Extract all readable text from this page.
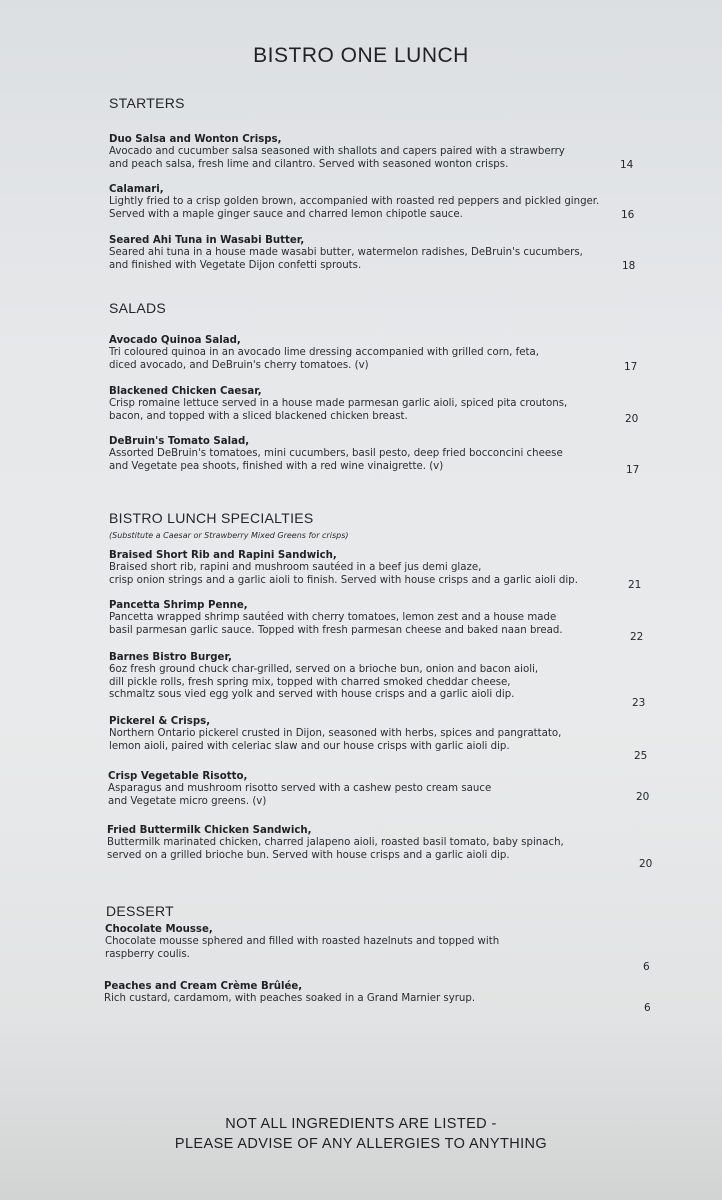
BISTRO ONE LUNCH
STARTERS
Duo Salsa and Wonton Crisps,
Avocado and cucumber salsa seasoned with shallots and capers paired with a strawberry
and peach salsa, fresh lime and cilantro. Served with seasoned wonton crisps.	14
Calamari,
Lightly fried to a crisp golden brown, accompanied with roasted red peppers and pickled ginger.
Served with a maple ginger sauce and charred lemon chipotle sauce.	16
Seared Ahi Tuna in Wasabi Butter,
Seared ahi tuna in a house made wasabi butter, watermelon radishes, DeBruin's cucumbers,
and finished with Vegetate Dijon confetti sprouts.	18
SALADS
Avocado Quinoa Salad,
Tri coloured quinoa in an avocado lime dressing accompanied with grilled corn, feta,
diced avocado, and DeBruin's cherry tomatoes. (v)	17
Blackened Chicken Caesar,
Crisp romaine lettuce served in a house made parmesan garlic aioli, spiced pita croutons,
bacon, and topped with a sliced blackened chicken breast.	20
DeBruin's Tomato Salad,
Assorted DeBruin's tomatoes, mini cucumbers, basil pesto, deep fried bocconcini cheese
and Vegetate pea shoots, finished with a red wine vinaigrette. (v)	17
BISTRO LUNCH SPECIALTIES
(Substitute a Caesar or Strawberry Mixed Greens for crisps)
Braised Short Rib and Rapini Sandwich,
Braised short rib, rapini and mushroom sautéed in a beef jus demi glaze,
crisp onion strings and a garlic aioli to finish. Served with house crisps and a garlic aioli dip.	21
Pancetta Shrimp Penne,
Pancetta wrapped shrimp sautéed with cherry tomatoes, lemon zest and a house made
basil parmesan garlic sauce. Topped with fresh parmesan cheese and baked naan bread.
22
Barnes Bistro Burger,
6oz fresh ground chuck char-grilled, served on a brioche bun, onion and bacon aioli,
dill pickle rolls, fresh spring mix, topped with charred smoked cheddar cheese,
schmaltz sous vied egg yolk and served with house crisps and a garlic aioli dip.
23
Pickerel & Crisps,
Northern Ontario pickerel crusted in Dijon, seasoned with herbs, spices and pangrattato,
lemon aioli, paired with celeriac slaw and our house crisps with garlic aioli dip.
25
Crisp Vegetable Risotto,
Asparagus and mushroom risotto served with a cashew pesto cream sauce
and Vegetate micro greens. (v)	20
Fried Buttermilk Chicken Sandwich,
Buttermilk marinated chicken, charred jalapeno aioli, roasted basil tomato, baby spinach,
served on a grilled brioche bun. Served with house crisps and a garlic aioli dip.
20
DESSERT
Chocolate Mousse,
Chocolate mousse sphered and filled with roasted hazelnuts and topped with
raspberry coulis.
6
Peaches and Cream Crème Brûlée,
Rich custard, cardamom, with peaches soaked in a Grand Marnier syrup.
6
NOT ALL INGREDIENTS ARE LISTED -
PLEASE ADVISE OF ANY ALLERGIES TO ANYTHING
